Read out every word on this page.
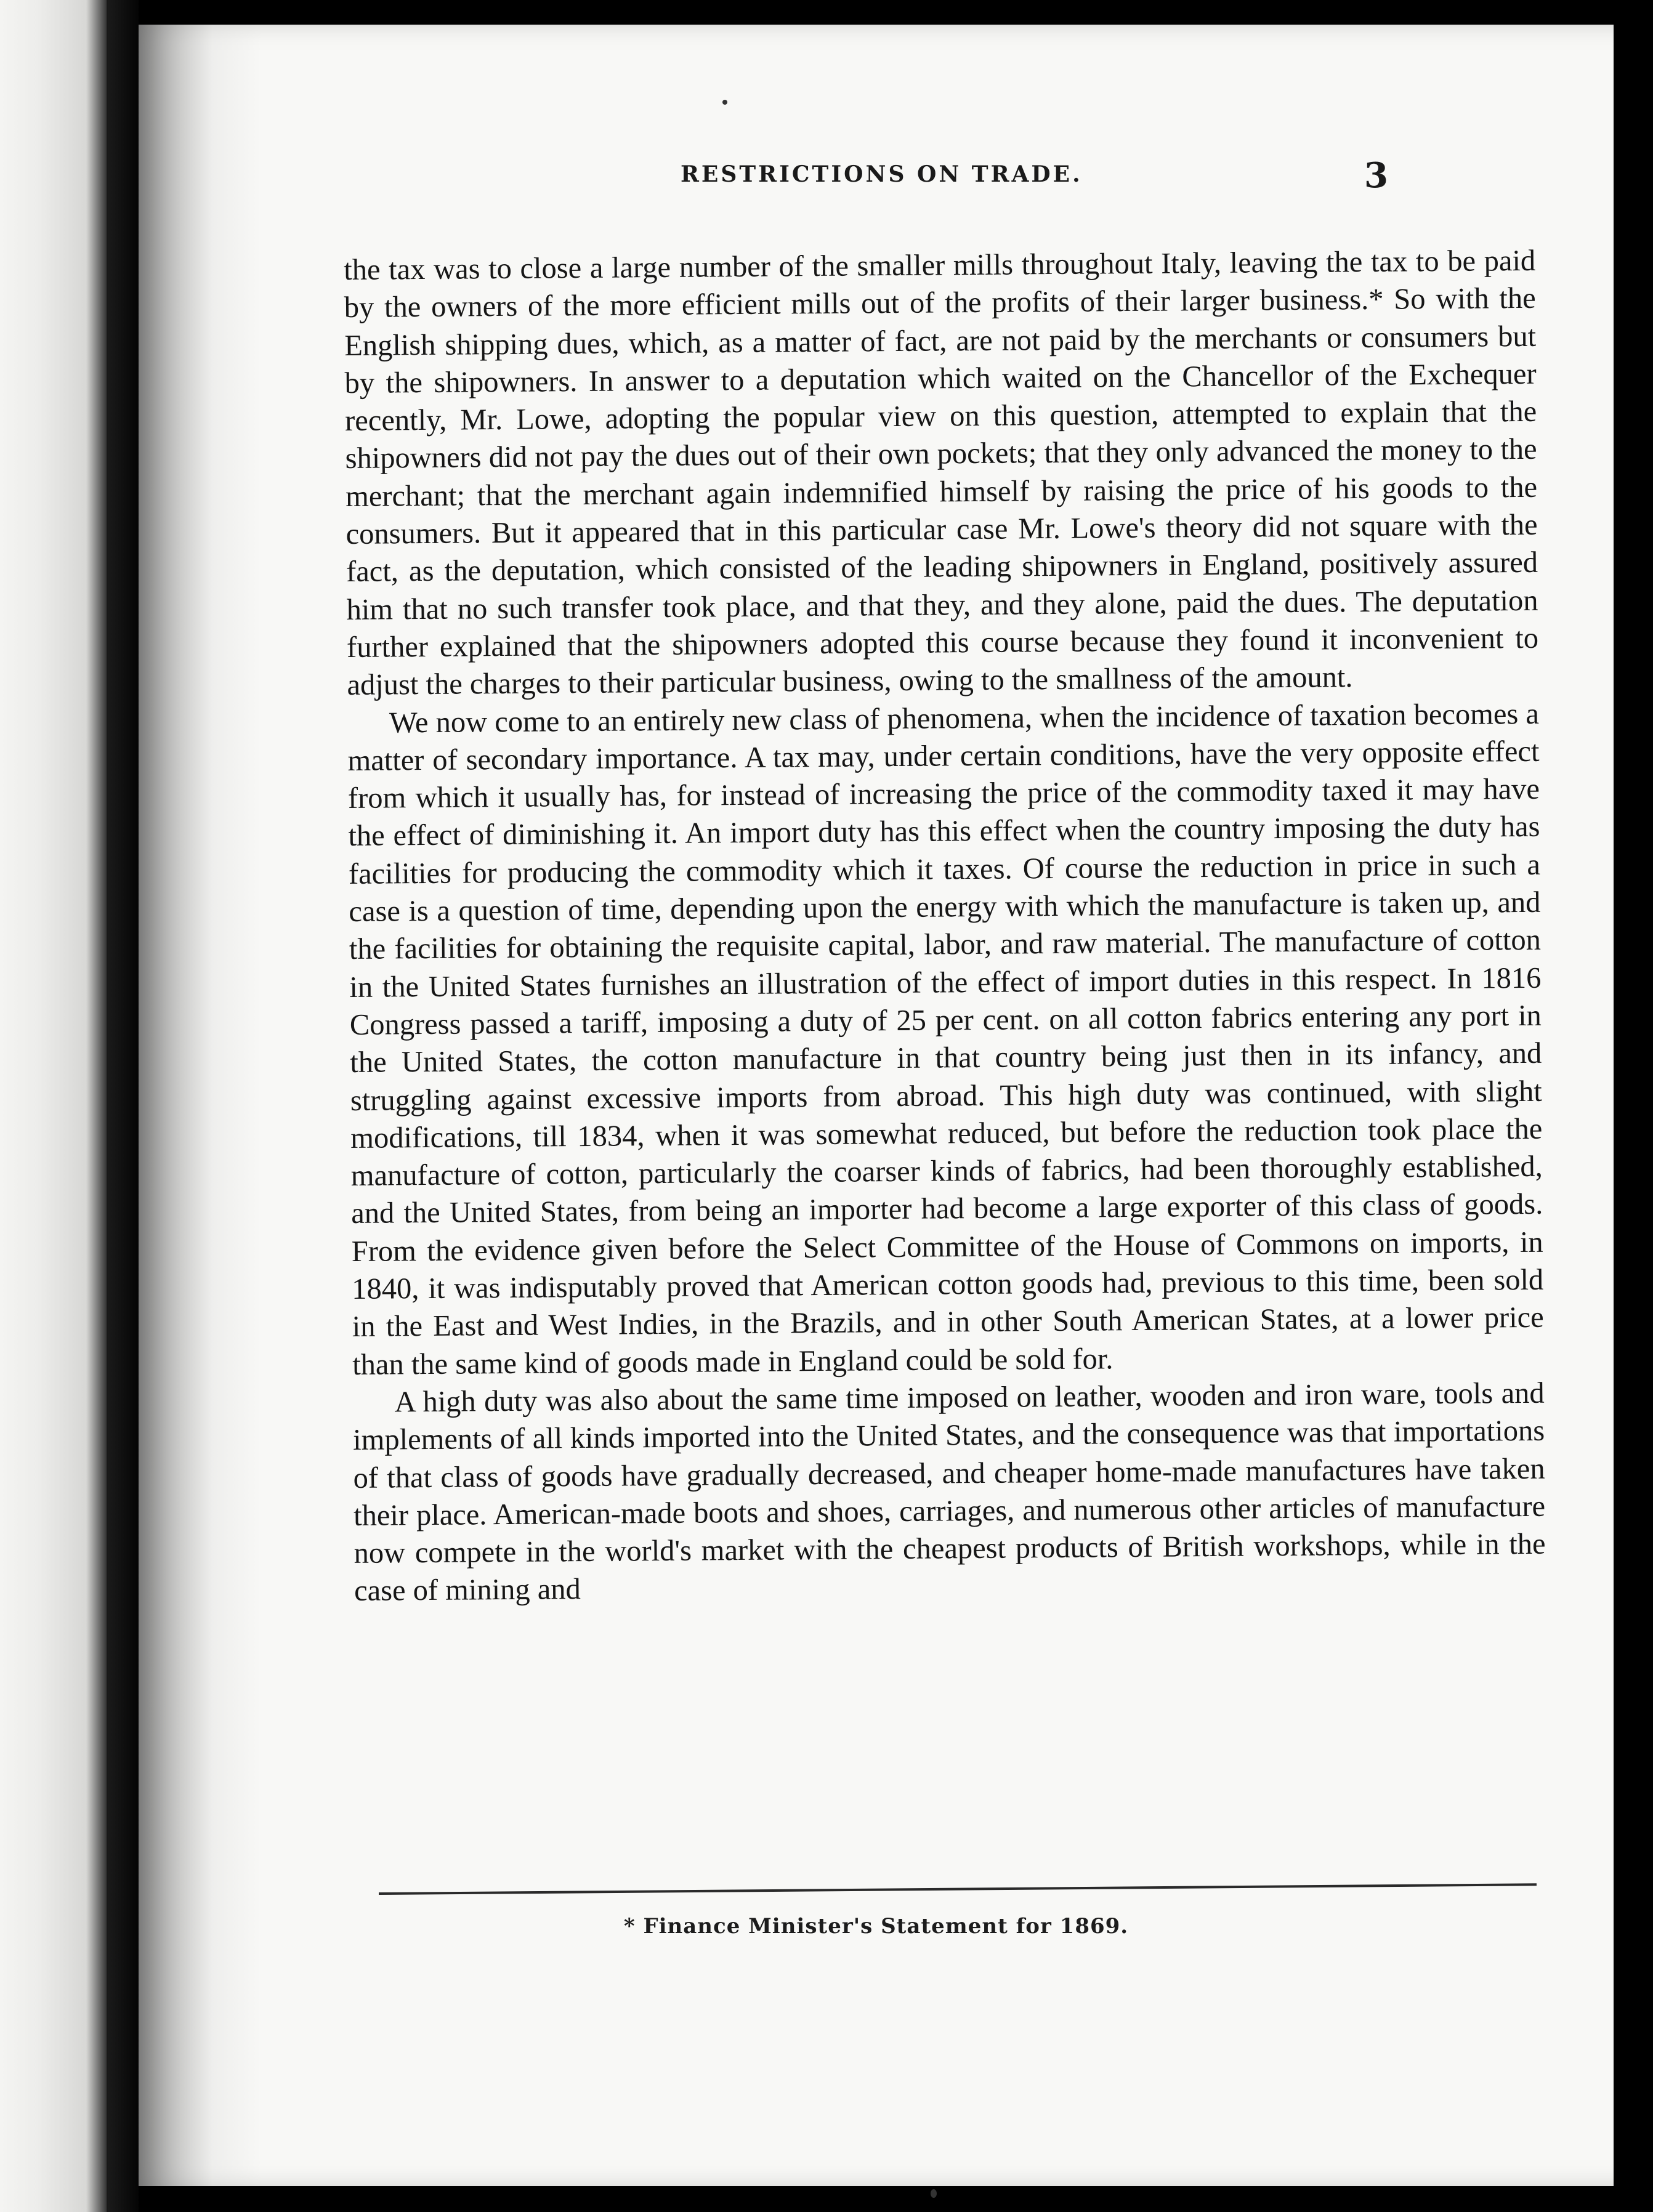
RESTRICTIONS ON TRADE.	3

the tax was to close a large number of the smaller mills throughout Italy, leaving the tax to be paid by the owners of the more efficient mills out of the profits of their larger business.* So with the English shipping dues, which, as a matter of fact, are not paid by the merchants or consumers but by the shipowners. In answer to a deputation which waited on the Chancellor of the Exchequer recently, Mr. Lowe, adopting the popular view on this question, attempted to explain that the shipowners did not pay the dues out of their own pockets; that they only advanced the money to the merchant; that the merchant again indemnified himself by raising the price of his goods to the consumers. But it appeared that in this particular case Mr. Lowe's theory did not square with the fact, as the deputation, which consisted of the leading shipowners in England, positively assured him that no such transfer took place, and that they, and they alone, paid the dues. The deputation further explained that the shipowners adopted this course because they found it inconvenient to adjust the charges to their particular business, owing to the smallness of the amount.

We now come to an entirely new class of phenomena, when the incidence of taxation becomes a matter of secondary importance. A tax may, under certain conditions, have the very opposite effect from which it usually has, for instead of increasing the price of the commodity taxed it may have the effect of diminishing it. An import duty has this effect when the country imposing the duty has facilities for producing the commodity which it taxes. Of course the reduction in price in such a case is a question of time, depending upon the energy with which the manufacture is taken up, and the facilities for obtaining the requisite capital, labor, and raw material. The manufacture of cotton in the United States furnishes an illustration of the effect of import duties in this respect. In 1816 Congress passed a tariff, imposing a duty of 25 per cent. on all cotton fabrics entering any port in the United States, the cotton manufacture in that country being just then in its infancy, and struggling against excessive imports from abroad. This high duty was continued, with slight modifications, till 1834, when it was somewhat reduced, but before the reduction took place the manufacture of cotton, particularly the coarser kinds of fabrics, had been thoroughly established, and the United States, from being an importer had become a large exporter of this class of goods. From the evidence given before the Select Committee of the House of Commons on imports, in 1840, it was indisputably proved that American cotton goods had, previous to this time, been sold in the East and West Indies, in the Brazils, and in other South American States, at a lower price than the same kind of goods made in England could be sold for.

A high duty was also about the same time imposed on leather, wooden and iron ware, tools and implements of all kinds imported into the United States, and the consequence was that importations of that class of goods have gradually decreased, and cheaper home-made manufactures have taken their place. American-made boots and shoes, carriages, and numerous other articles of manufacture now compete in the world's market with the cheapest products of British workshops, while in the case of mining and

* Finance Minister's Statement for 1869.
